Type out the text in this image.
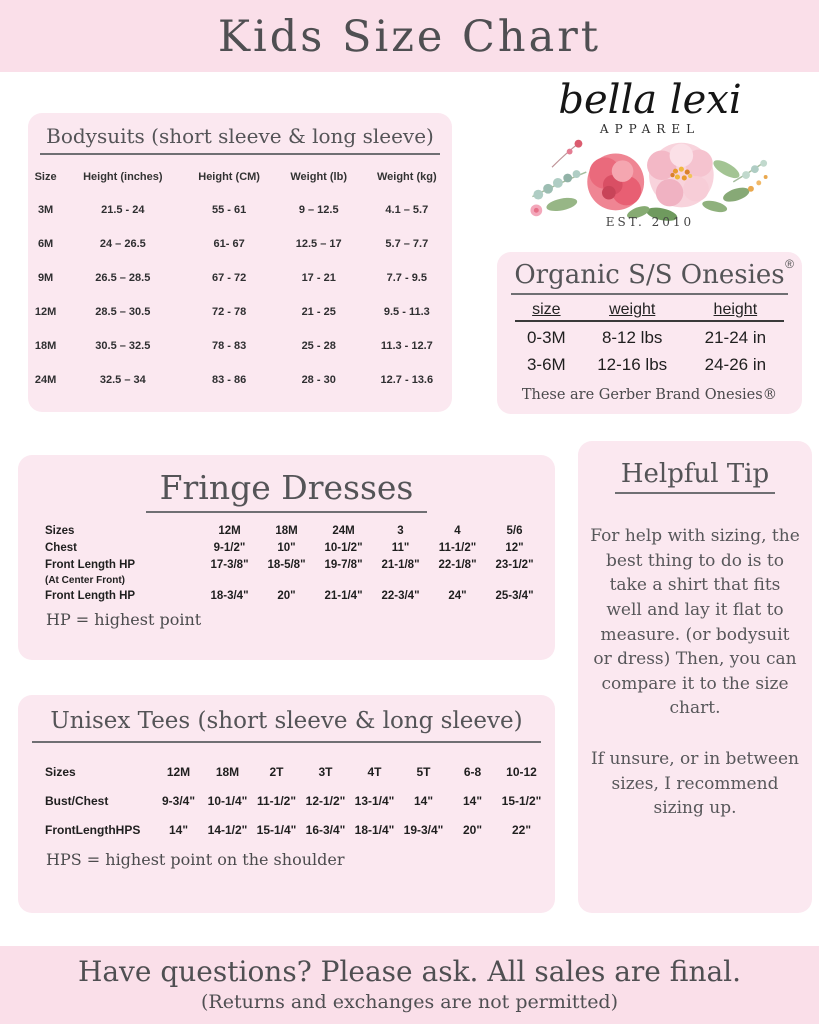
Kids Size Chart
Bodysuits (short sleeve & long sleeve)
Size	Height (inches)	Height (CM)	Weight (lb)	Weight (kg)
3M	21.5 - 24	55 - 61	9 – 12.5	4.1 – 5.7
6M	24 – 26.5	61- 67	12.5 – 17	5.7 – 7.7
9M	26.5 – 28.5	67 - 72	17 - 21	7.7 - 9.5
12M	28.5 – 30.5	72 - 78	21 - 25	9.5 - 11.3
18M	30.5 – 32.5	78 - 83	25 - 28	11.3 - 12.7
24M	32.5 – 34	83 - 86	28 - 30	12.7 - 13.6
bella lexi
APPAREL
EST. 2010
®
Organic S/S Onesies
size	weight	height
0-3M	8-12 lbs	21-24 in
3-6M	12-16 lbs	24-26 in
These are Gerber Brand Onesies®
Fringe Dresses
Sizes	12M	18M	24M	3	4	5/6
Chest	9-1/2"	10"	10-1/2"	11"	11-1/2"	12"
Front Length HP	17-3/8"	18-5/8"	19-7/8"	21-1/8"	22-1/8"	23-1/2"
(At Center Front)						
Front Length HP	18-3/4"	20"	21-1/4"	22-3/4"	24"	25-3/4"
HP = highest point
Helpful Tip

For help with sizing, the best thing to do is to take a shirt that fits well and lay it flat to measure. (or bodysuit or dress) Then, you can compare it to the size chart.

If unsure, or in between sizes, I recommend sizing up.

Unisex Tees (short sleeve & long sleeve)
Sizes	12M	18M	2T	3T	4T	5T	6-8	10-12
Bust/Chest	9-3/4"	10-1/4"	11-1/2"	12-1/2"	13-1/4"	14"	14"	15-1/2"
FrontLengthHPS	14"	14-1/2"	15-1/4"	16-3/4"	18-1/4"	19-3/4"	20"	22"
HPS = highest point on the shoulder
Have questions? Please ask. All sales are final.
(Returns and exchanges are not permitted)
